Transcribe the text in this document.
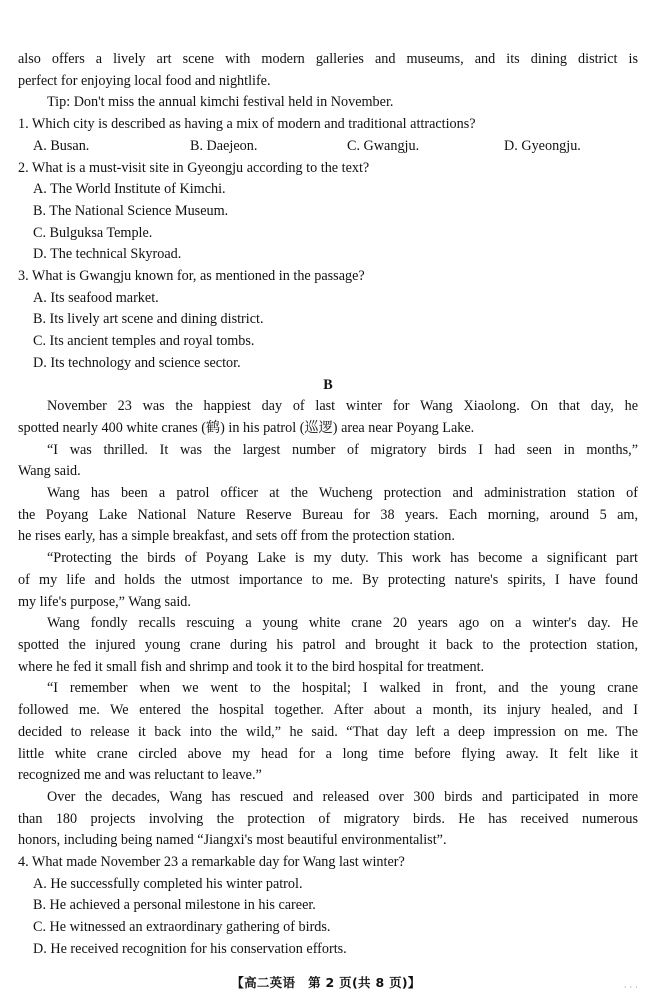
also offers a lively art scene with modern galleries and museums, and its dining district is

perfect for enjoying local food and nightlife.

Tip: Don't miss the annual kimchi festival held in November.

1. Which city is described as having a mix of modern and traditional attractions?

A. Busan.	B. Daejeon.	C. Gwangju.	D. Gyeongju.

2. What is a must-visit site in Gyeongju according to the text?

A. The World Institute of Kimchi.

B. The National Science Museum.

C. Bulguksa Temple.

D. The technical Skyroad.

3. What is Gwangju known for, as mentioned in the passage?

A. Its seafood market.

B. Its lively art scene and dining district.

C. Its ancient temples and royal tombs.

D. Its technology and science sector.

B

November 23 was the happiest day of last winter for Wang Xiaolong. On that day, he

spotted nearly 400 white cranes (鹤) in his patrol (巡逻) area near Poyang Lake.

“I was thrilled. It was the largest number of migratory birds I had seen in months,”

Wang said.

Wang has been a patrol officer at the Wucheng protection and administration station of

the Poyang Lake National Nature Reserve Bureau for 38 years. Each morning, around 5 am,

he rises early, has a simple breakfast, and sets off from the protection station.

“Protecting the birds of Poyang Lake is my duty. This work has become a significant part

of my life and holds the utmost importance to me. By protecting nature's spirits, I have found

my life's purpose,” Wang said.

Wang fondly recalls rescuing a young white crane 20 years ago on a winter's day. He

spotted the injured young crane during his patrol and brought it back to the protection station,

where he fed it small fish and shrimp and took it to the bird hospital for treatment.

“I remember when we went to the hospital; I walked in front, and the young crane

followed me. We entered the hospital together. After about a month, its injury healed, and I

decided to release it back into the wild,” he said. “That day left a deep impression on me. The

little white crane circled above my head for a long time before flying away. It felt like it

recognized me and was reluctant to leave.”

Over the decades, Wang has rescued and released over 300 birds and participated in more

than 180 projects involving the protection of migratory birds. He has received numerous

honors, including being named “Jiangxi's most beautiful environmentalist”.

4. What made November 23 a remarkable day for Wang last winter?

A. He successfully completed his winter patrol.

B. He achieved a personal milestone in his career.

C. He witnessed an extraordinary gathering of birds.

D. He received recognition for his conservation efforts.

【高二英语　第 2 页(共 8 页)】	· · ·
